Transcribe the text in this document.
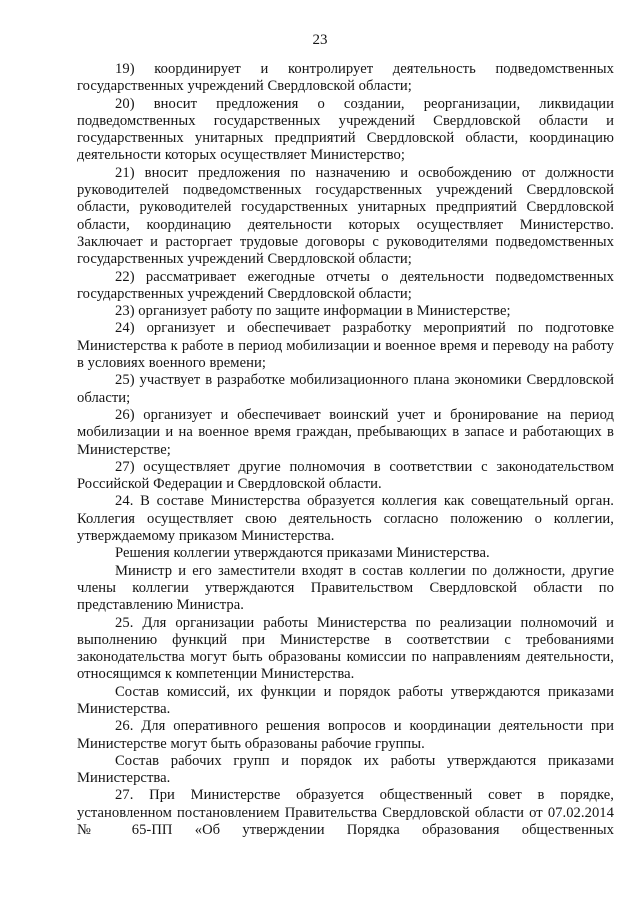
23

19) координирует и контролирует деятельность подведомственных государственных учреждений Свердловской области;

20) вносит предложения о создании, реорганизации, ликвидации подведомственных государственных учреждений Свердловской области и государственных унитарных предприятий Свердловской области, координацию деятельности которых осуществляет Министерство;

21) вносит предложения по назначению и освобождению от должности руководителей подведомственных государственных учреждений Свердловской области, руководителей государственных унитарных предприятий Свердловской области, координацию деятельности которых осуществляет Министерство. Заключает и расторгает трудовые договоры с руководителями подведомственных государственных учреждений Свердловской области;

22) рассматривает ежегодные отчеты о деятельности подведомственных государственных учреждений Свердловской области;

23) организует работу по защите информации в Министерстве;

24) организует и обеспечивает разработку мероприятий по подготовке Министерства к работе в период мобилизации и военное время и переводу на работу в условиях военного времени;

25) участвует в разработке мобилизационного плана экономики Свердловской области;

26) организует и обеспечивает воинский учет и бронирование на период мобилизации и на военное время граждан, пребывающих в запасе и работающих в Министерстве;

27) осуществляет другие полномочия в соответствии с законодательством Российской Федерации и Свердловской области.

24. В составе Министерства образуется коллегия как совещательный орган. Коллегия осуществляет свою деятельность согласно положению о коллегии, утверждаемому приказом Министерства.

Решения коллегии утверждаются приказами Министерства.

Министр и его заместители входят в состав коллегии по должности, другие члены коллегии утверждаются Правительством Свердловской области по представлению Министра.

25. Для организации работы Министерства по реализации полномочий и выполнению функций при Министерстве в соответствии с требованиями законодательства могут быть образованы комиссии по направлениям деятельности, относящимся к компетенции Министерства.

Состав комиссий, их функции и порядок работы утверждаются приказами Министерства.

26. Для оперативного решения вопросов и координации деятельности при Министерстве могут быть образованы рабочие группы.

Состав рабочих групп и порядок их работы утверждаются приказами Министерства.

27. При Министерстве образуется общественный совет в порядке, установленном постановлением Правительства Свердловской области от 07.02.2014 № 65-ПП «Об утверждении Порядка образования общественных
